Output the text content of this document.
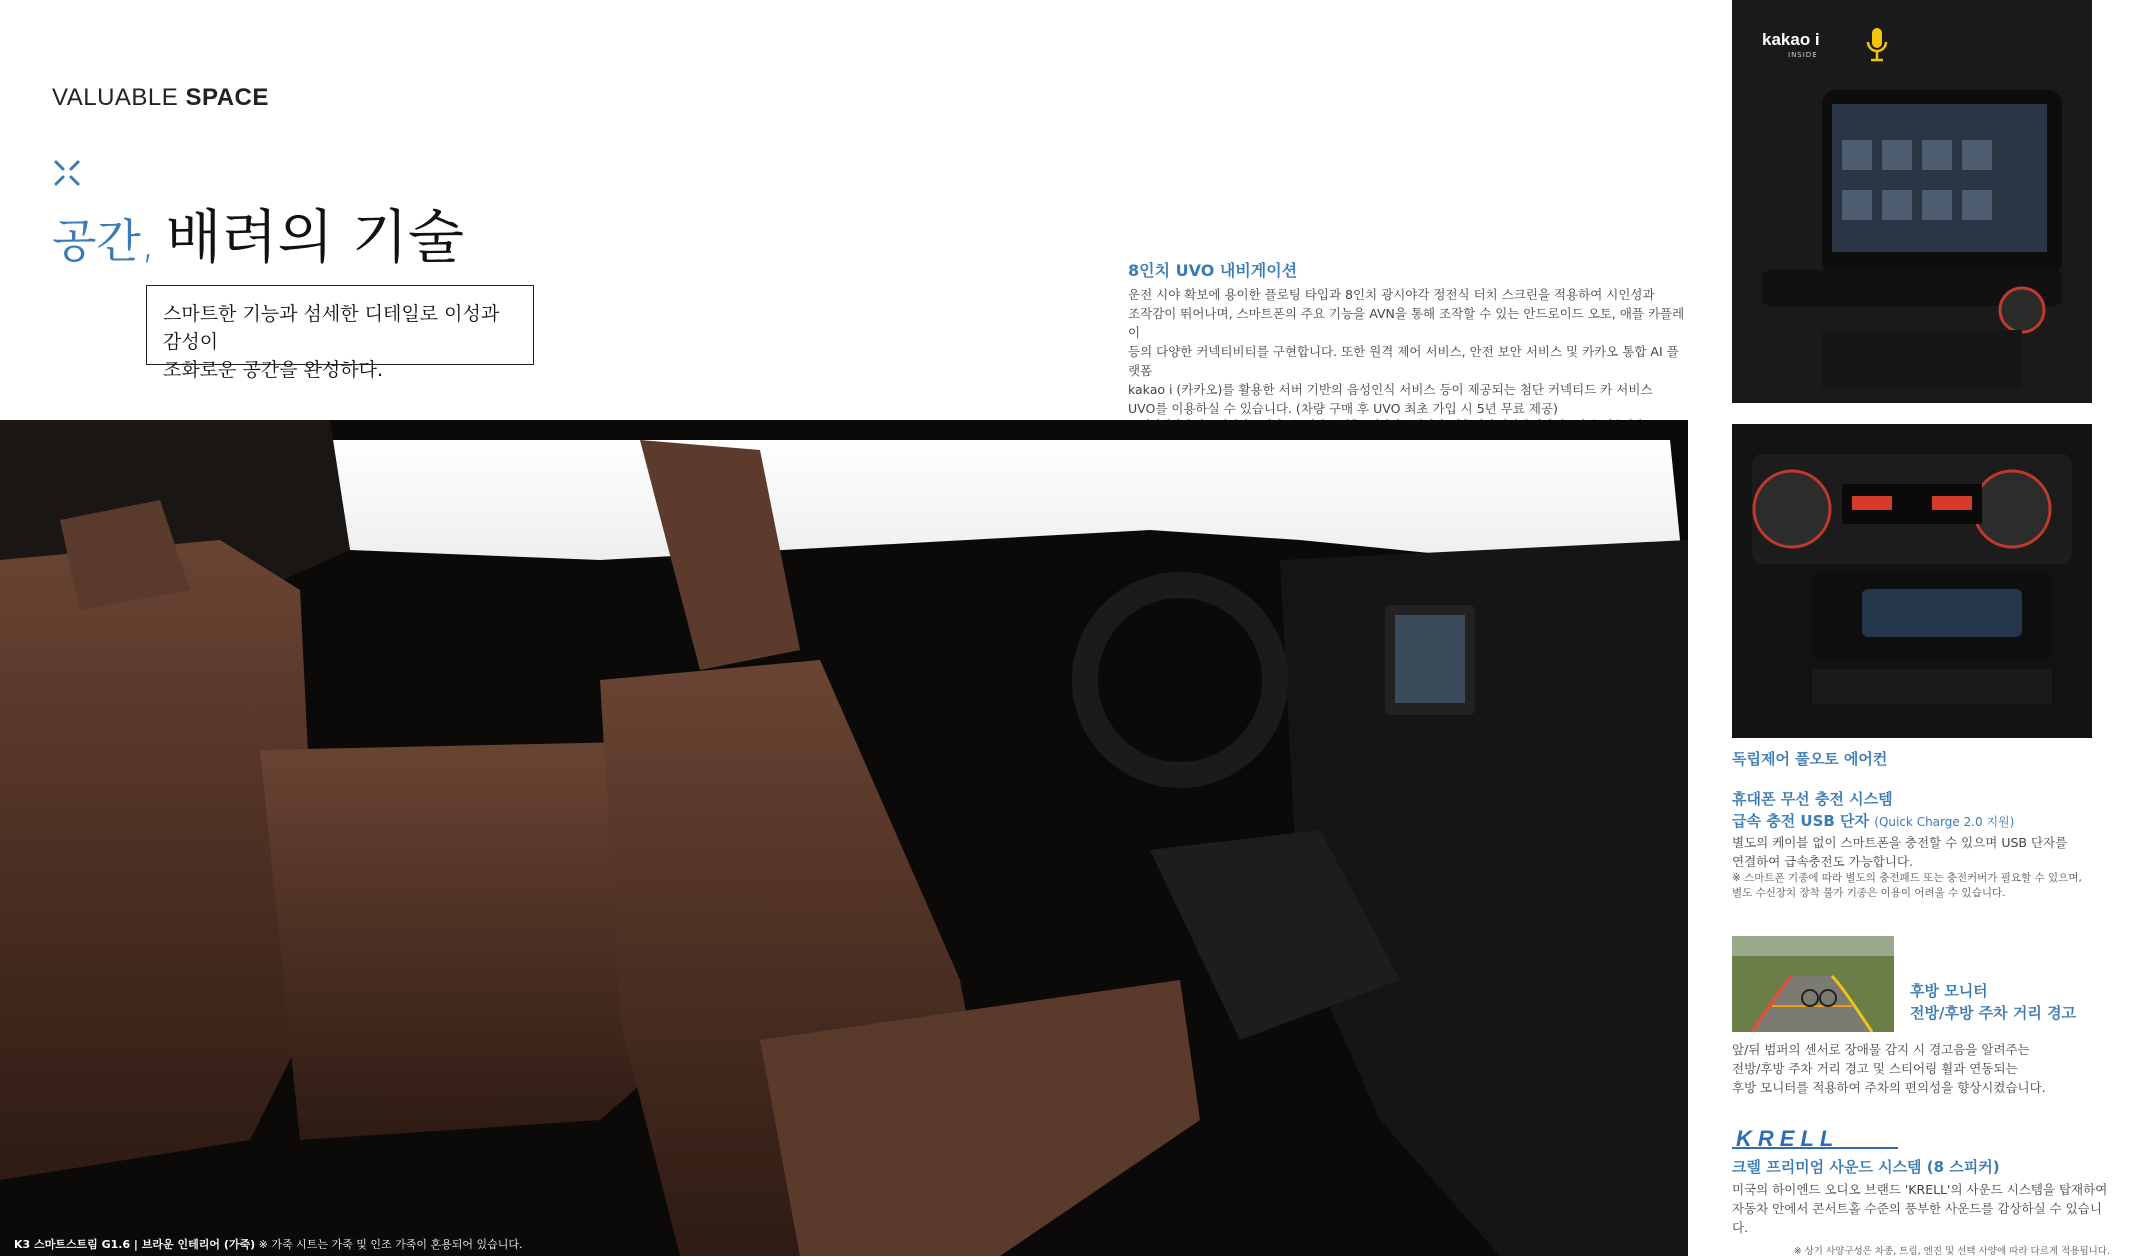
VALUABLE SPACE
공간, 배려의 기술
스마트한 기능과 섬세한 디테일로 이성과 감성이
조화로운 공간을 완성하다.
8인치 UVO 내비게이션
운전 시야 확보에 용이한 플로팅 타입과 8인치 광시야각 정전식 터치 스크린을 적용하여 시인성과
조작감이 뛰어나며, 스마트폰의 주요 기능을 AVN을 통해 조작할 수 있는 안드로이드 오토, 애플 카플레이
등의 다양한 커넥티비티를 구현합니다. 또한 원격 제어 서비스, 안전 보안 서비스 및 카카오 통합 AI 플랫폼
kakao i (카카오)를 활용한 서버 기반의 음성인식 서비스 등이 제공되는 첨단 커넥티드 카 서비스
UVO를 이용하실 수 있습니다. (차량 구매 후 UVO 최초 가입 시 5년 무료 제공)
K3 스마트스트림 G1.6 | 브라운 인테리어 (가죽) ※ 가죽 시트는 가죽 및 인조 가죽이 혼용되어 있습니다.
kakao i
INSIDE
독립제어 풀오토 에어컨
휴대폰 무선 충전 시스템
급속 충전 USB 단자 (Quick Charge 2.0 지원)
별도의 케이블 없이 스마트폰을 충전할 수 있으며 USB 단자를
연결하여 급속충전도 가능합니다.
※ 스마트폰 기종에 따라 별도의 충전패드 또는 충전커버가 필요할 수 있으며,
별도 수신장치 장착 불가 기종은 이용이 어려울 수 있습니다.
후방 모니터
전방/후방 주차 거리 경고
앞/뒤 범퍼의 센서로 장애물 감지 시 경고음을 알려주는
전방/후방 주차 거리 경고 및 스티어링 휠과 연동되는
후방 모니터를 적용하여 주차의 편의성을 향상시켰습니다.
KRELL
크렐 프리미엄 사운드 시스템 (8 스피커)
미국의 하이엔드 오디오 브랜드 'KRELL'의 사운드 시스템을 탑재하여
자동차 안에서 콘서트홀 수준의 풍부한 사운드를 감상하실 수 있습니다.
※ 상기 사양구성은 차종, 트림, 엔진 및 선택 사양에 따라 다르게 적용됩니다.
